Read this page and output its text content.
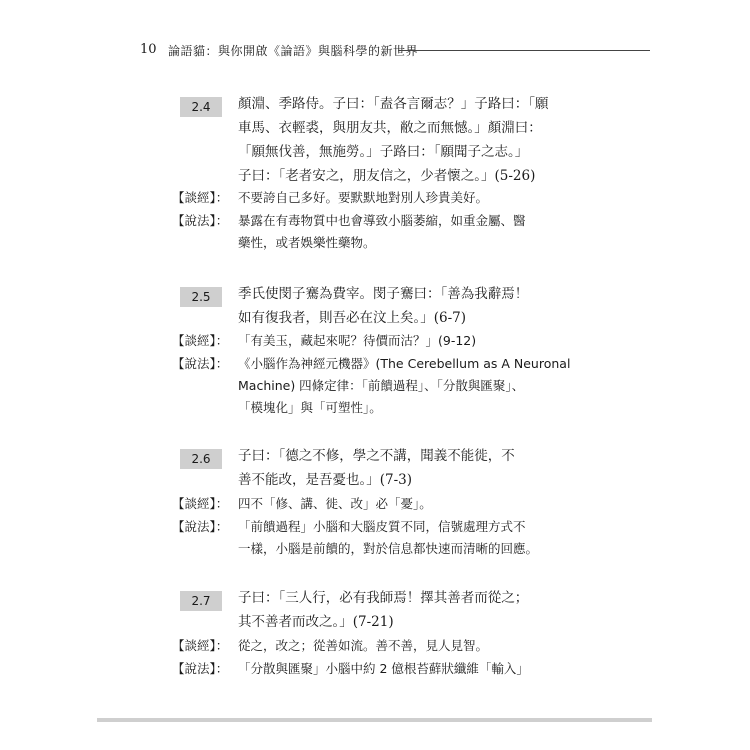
10 論語貓：與你開啟《論語》與腦科學的新世界
2.4	顏淵、季路侍。子曰：「盍各言爾志？」子路曰：「願
車馬、衣輕裘，與朋友共，敝之而無憾。」顏淵曰：
「願無伐善，無施勞。」子路曰：「願聞子之志。」
子曰：「老者安之，朋友信之，少者懷之。」(5-26)
【談經】： 不要誇自己多好。要默默地對別人珍貴美好。
【說法】： 暴露在有毒物質中也會導致小腦萎縮，如重金屬、醫
藥性，或者娛樂性藥物。
2.5	季氏使閔子騫為費宰。閔子騫曰：「善為我辭焉！
如有復我者，則吾必在汶上矣。」(6-7)
【談經】： 「有美玉，藏起來呢？待價而沽？」(9-12)
【說法】： 《小腦作為神經元機器》(The Cerebellum as A Neuronal
Machine) 四條定律：「前饋過程」、「分散與匯聚」、
「模塊化」與「可塑性」。
2.6	子曰：「德之不修，學之不講，聞義不能徙，不
善不能改，是吾憂也。」(7-3)
【談經】： 四不「修、講、徙、改」必「憂」。
【說法】： 「前饋過程」小腦和大腦皮質不同，信號處理方式不
一樣，小腦是前饋的，對於信息都快速而清晰的回應。
2.7	子曰：「三人行，必有我師焉！擇其善者而從之；
其不善者而改之。」(7-21)
【談經】： 從之，改之；從善如流。善不善，見人見智。
【說法】： 「分散與匯聚」小腦中約 2 億根苔蘚狀纖維「輸入」
